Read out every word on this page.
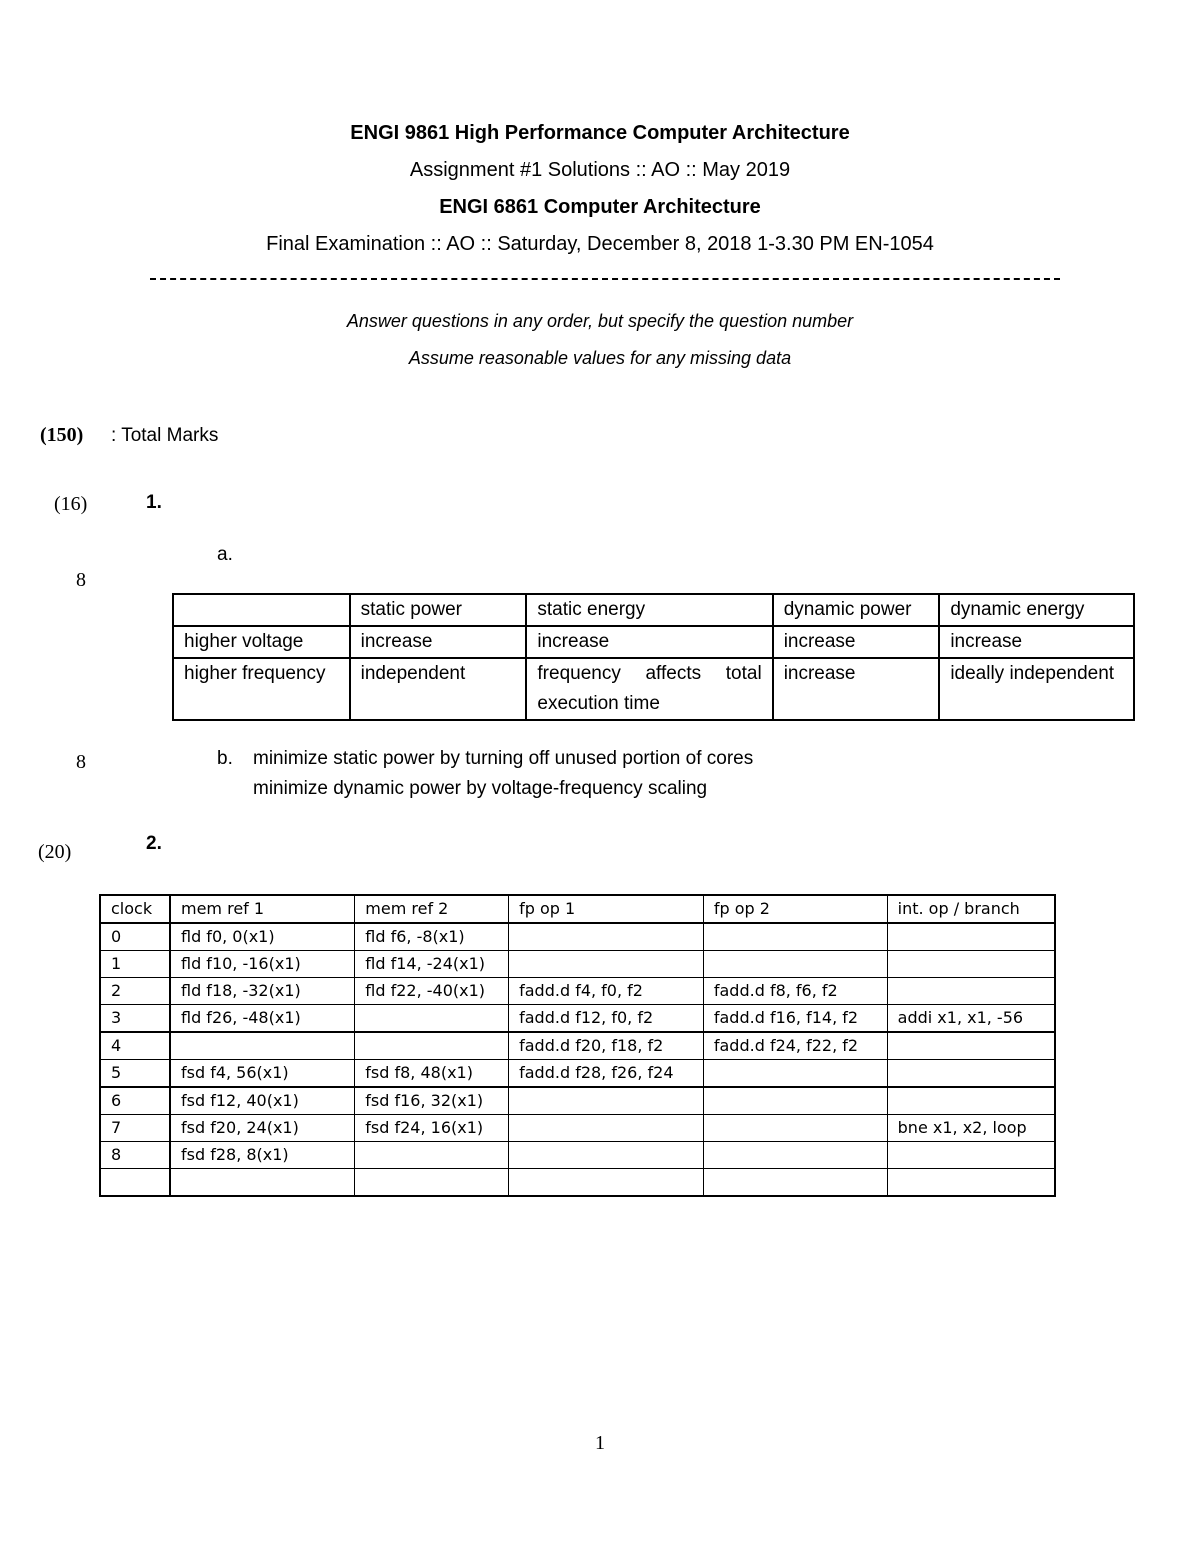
ENGI 9861 High Performance Computer Architecture
Assignment #1 Solutions :: AO :: May 2019
ENGI 6861 Computer Architecture
Final Examination :: AO :: Saturday, December 8, 2018 1-3.30 PM EN-1054
Answer questions in any order, but specify the question number
Assume reasonable values for any missing data
(150) : Total Marks
(16)	1.
a.
8
	static power	static energy	dynamic power	dynamic energy
higher voltage	increase	increase	increase	increase
higher frequency	independent	frequency affects total execution time	increase	ideally independent
8	b. minimize static power by turning off unused portion of cores
minimize dynamic power by voltage-frequency scaling
(20)	2.
clock	mem ref 1	mem ref 2	fp op 1	fp op 2	int. op / branch
0	fld f0, 0(x1)	fld f6, -8(x1)			
1	fld f10, -16(x1)	fld f14, -24(x1)			
2	fld f18, -32(x1)	fld f22, -40(x1)	fadd.d f4, f0, f2	fadd.d f8, f6, f2	
3	fld f26, -48(x1)		fadd.d f12, f0, f2	fadd.d f16, f14, f2	addi x1, x1, -56
4			fadd.d f20, f18, f2	fadd.d f24, f22, f2	
5	fsd f4, 56(x1)	fsd f8, 48(x1)	fadd.d f28, f26, f24		
6	fsd f12, 40(x1)	fsd f16, 32(x1)			
7	fsd f20, 24(x1)	fsd f24, 16(x1)			bne x1, x2, loop
8	fsd f28, 8(x1)				

1
